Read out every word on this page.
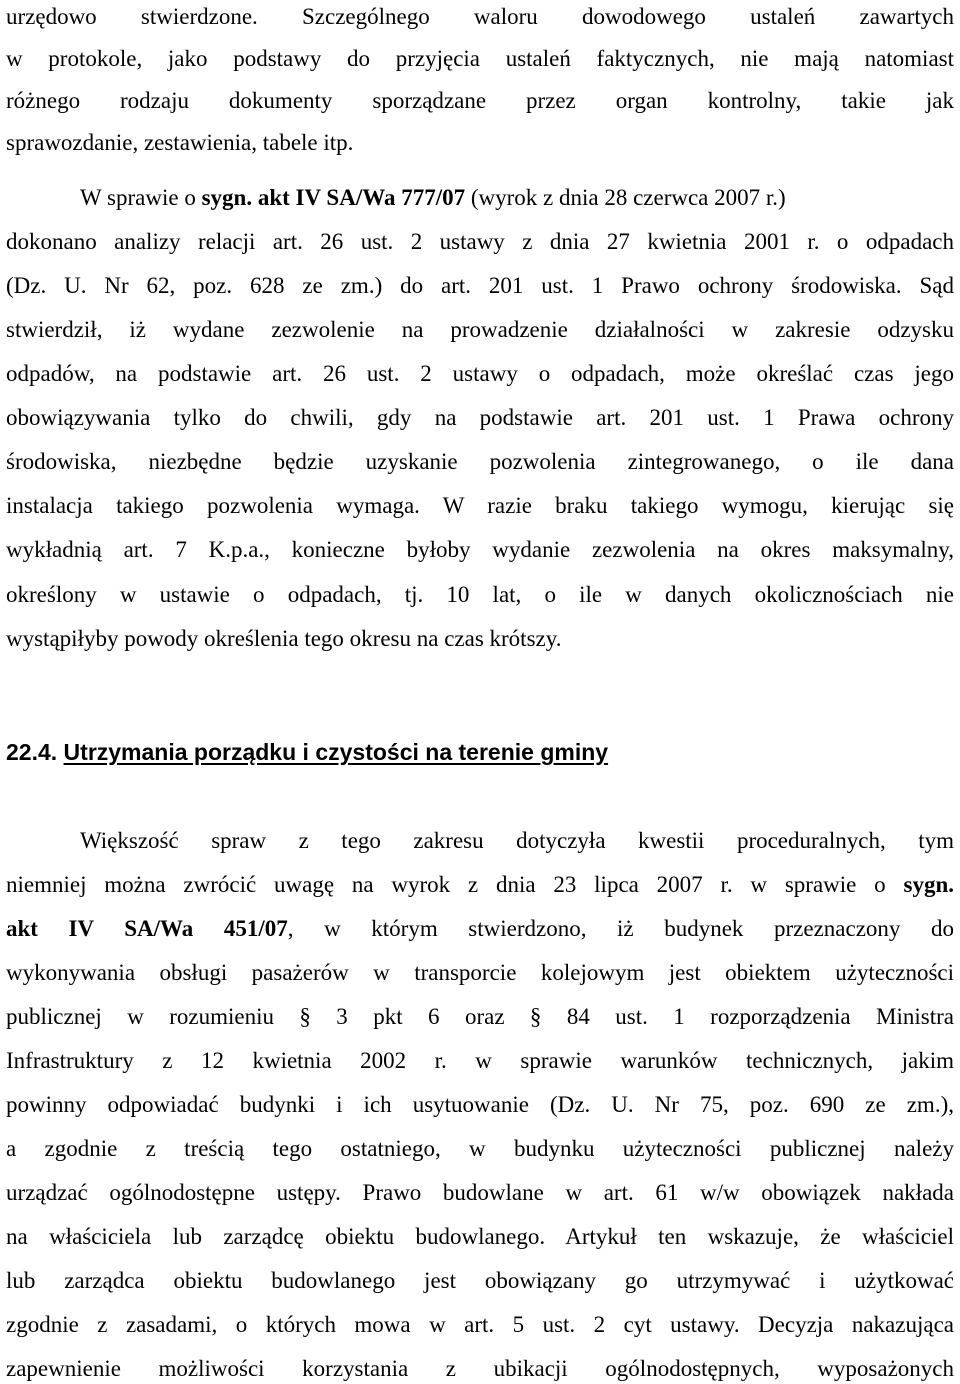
urzędowo stwierdzone. Szczególnego waloru dowodowego ustaleń zawartych
w protokole, jako podstawy do przyjęcia ustaleń faktycznych, nie mają natomiast
różnego rodzaju dokumenty sporządzane przez organ kontrolny, takie jak
sprawozdanie, zestawienia, tabele itp.
W sprawie o sygn. akt IV SA/Wa 777/07 (wyrok z dnia 28 czerwca 2007 r.)
dokonano analizy relacji art. 26 ust. 2 ustawy z dnia 27 kwietnia 2001 r. o odpadach
(Dz. U. Nr 62, poz. 628 ze zm.) do art. 201 ust. 1 Prawo ochrony środowiska. Sąd
stwierdził, iż wydane zezwolenie na prowadzenie działalności w zakresie odzysku
odpadów, na podstawie art. 26 ust. 2 ustawy o odpadach, może określać czas jego
obowiązywania tylko do chwili, gdy na podstawie art. 201 ust. 1 Prawa ochrony
środowiska, niezbędne będzie uzyskanie pozwolenia zintegrowanego, o ile dana
instalacja takiego pozwolenia wymaga. W razie braku takiego wymogu, kierując się
wykładnią art. 7 K.p.a., konieczne byłoby wydanie zezwolenia na okres maksymalny,
określony w ustawie o odpadach, tj. 10 lat, o ile w danych okolicznościach nie
wystąpiłyby powody określenia tego okresu na czas krótszy.
22.4. Utrzymania porządku i czystości na terenie gminy
Większość spraw z tego zakresu dotyczyła kwestii proceduralnych, tym
niemniej można zwrócić uwagę na wyrok z dnia 23 lipca 2007 r. w sprawie o sygn.
akt IV SA/Wa 451/07, w którym stwierdzono, iż budynek przeznaczony do
wykonywania obsługi pasażerów w transporcie kolejowym jest obiektem użyteczności
publicznej w rozumieniu § 3 pkt 6 oraz § 84 ust. 1 rozporządzenia Ministra
Infrastruktury z 12 kwietnia 2002 r. w sprawie warunków technicznych, jakim
powinny odpowiadać budynki i ich usytuowanie (Dz. U. Nr 75, poz. 690 ze zm.),
a zgodnie z treścią tego ostatniego, w budynku użyteczności publicznej należy
urządzać ogólnodostępne ustępy. Prawo budowlane w art. 61 w/w obowiązek nakłada
na właściciela lub zarządcę obiektu budowlanego. Artykuł ten wskazuje, że właściciel
lub zarządca obiektu budowlanego jest obowiązany go utrzymywać i użytkować
zgodnie z zasadami, o których mowa w art. 5 ust. 2 cyt ustawy. Decyzja nakazująca
zapewnienie możliwości korzystania z ubikacji ogólnodostępnych, wyposażonych
